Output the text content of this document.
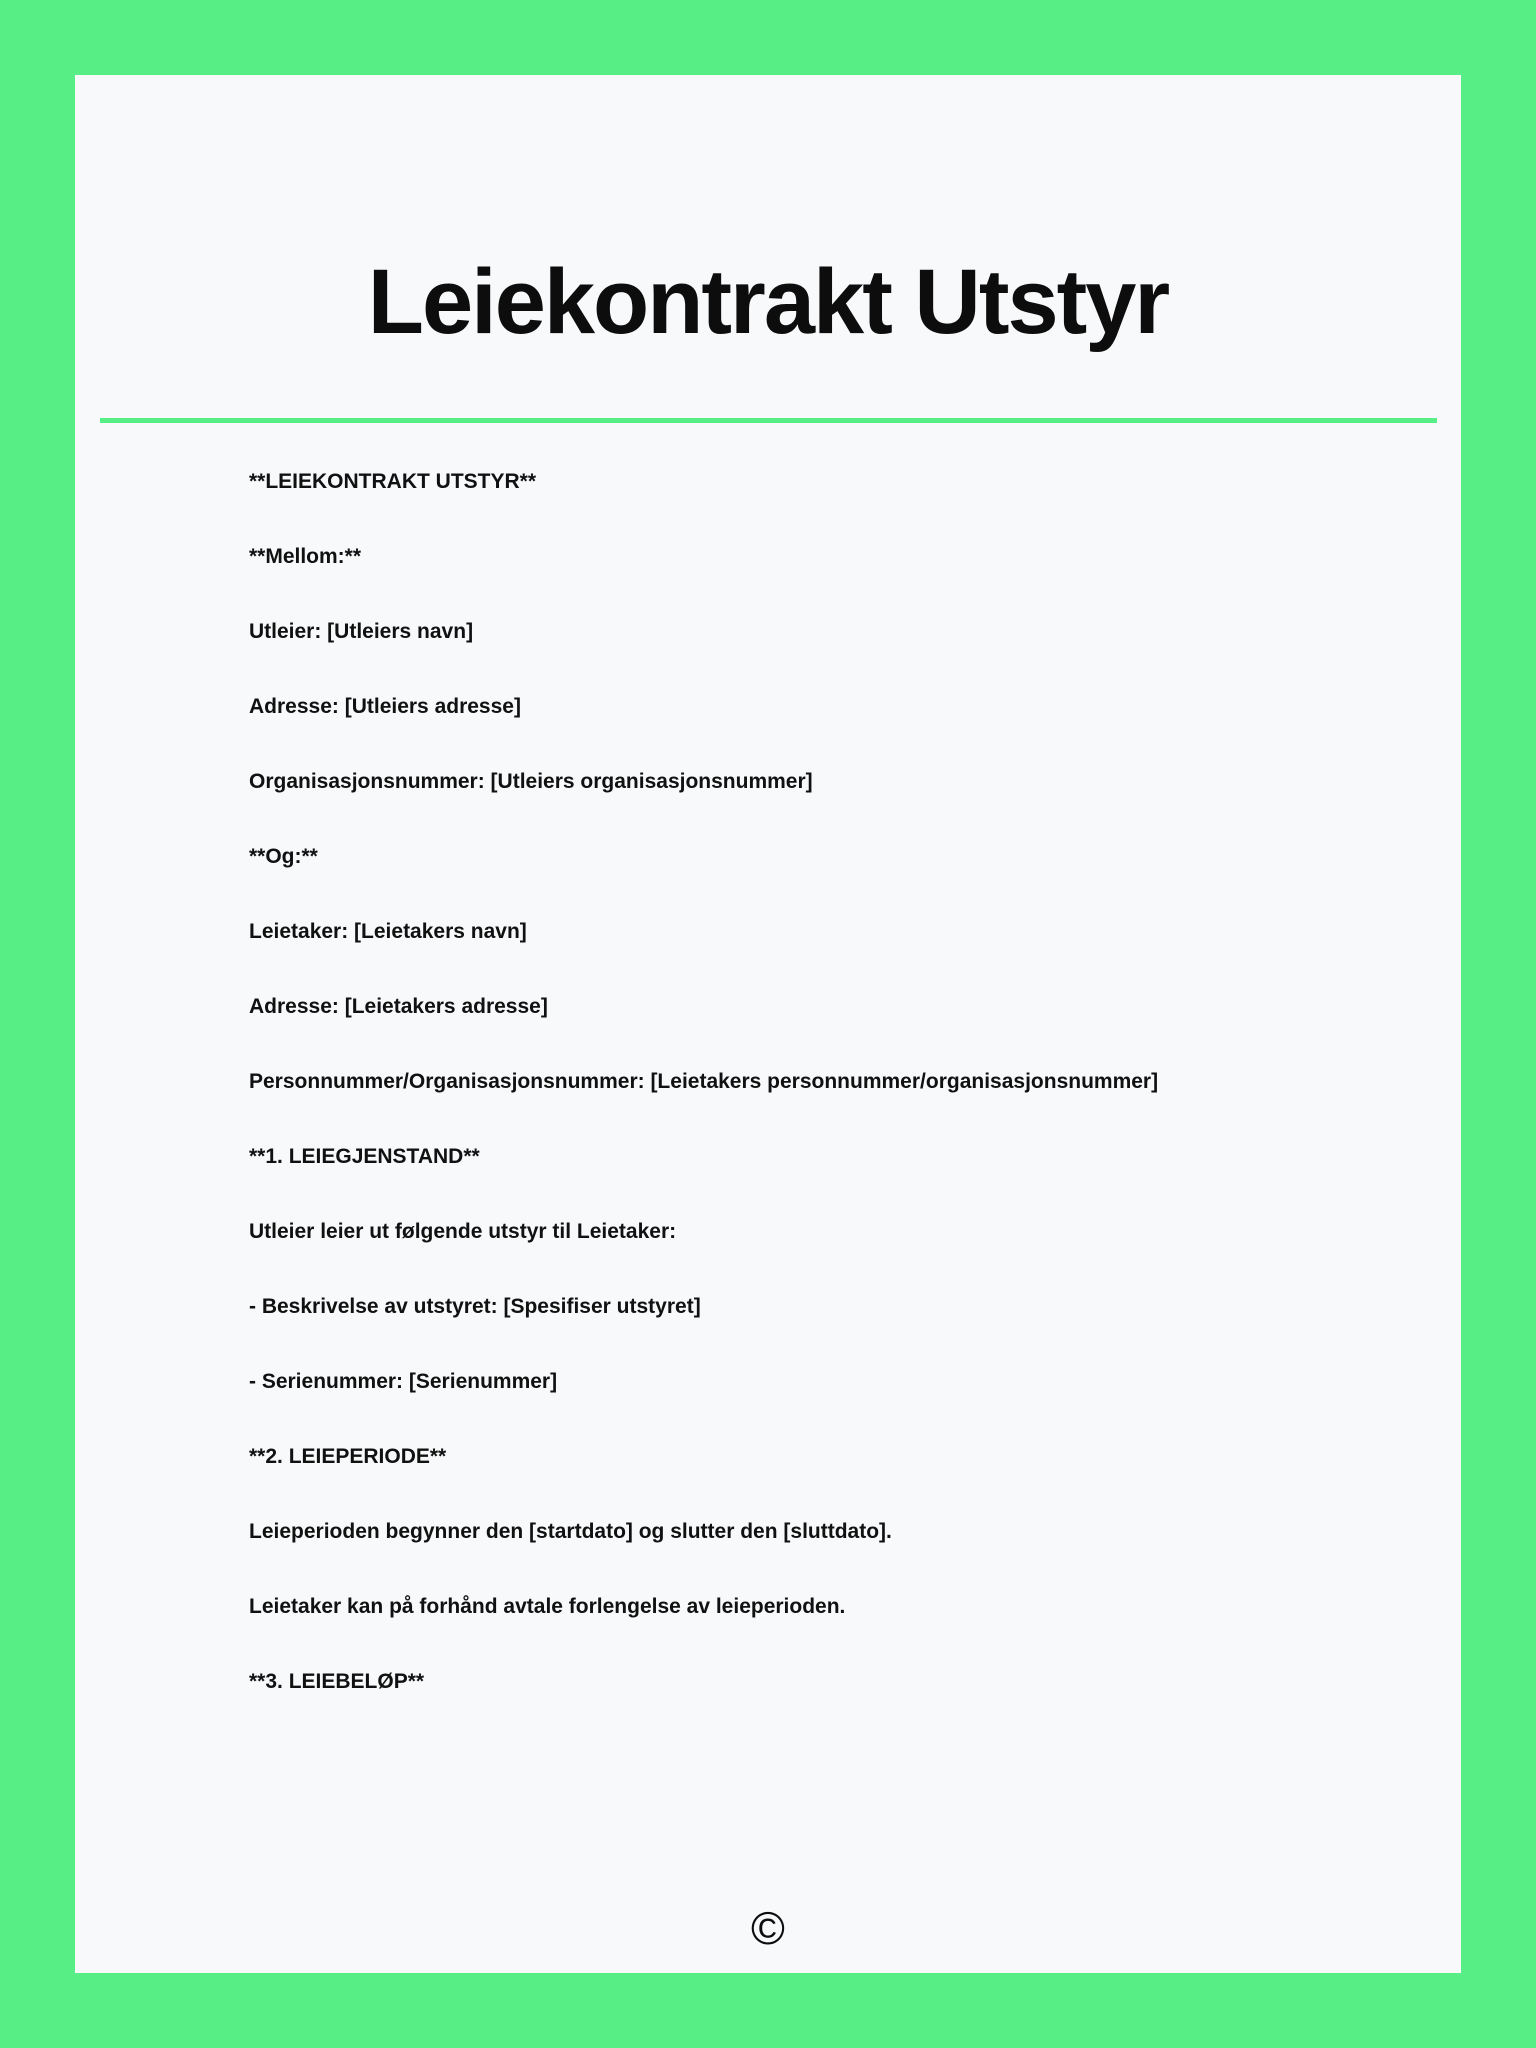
Leiekontrakt Utstyr

**LEIEKONTRAKT UTSTYR**

**Mellom:**

Utleier: [Utleiers navn]

Adresse: [Utleiers adresse]

Organisasjonsnummer: [Utleiers organisasjonsnummer]

**Og:**

Leietaker: [Leietakers navn]

Adresse: [Leietakers adresse]

Personnummer/Organisasjonsnummer: [Leietakers personnummer/organisasjonsnummer]

**1. LEIEGJENSTAND**

Utleier leier ut følgende utstyr til Leietaker:

- Beskrivelse av utstyret: [Spesifiser utstyret]

- Serienummer: [Serienummer]

**2. LEIEPERIODE**

Leieperioden begynner den [startdato] og slutter den [sluttdato].

Leietaker kan på forhånd avtale forlengelse av leieperioden.

**3. LEIEBELØP**

©
